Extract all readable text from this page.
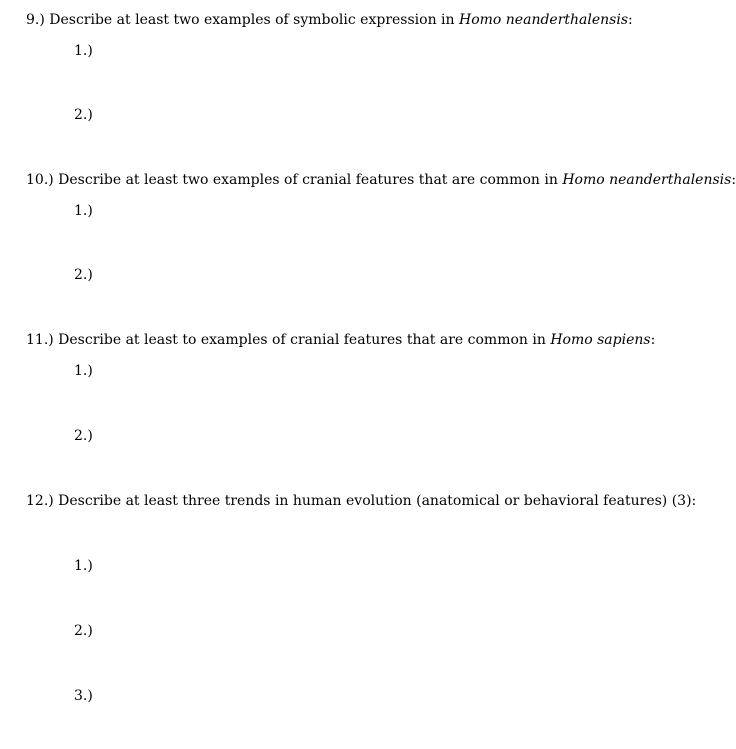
9.) Describe at least two examples of symbolic expression in Homo neanderthalensis:
1.)
2.)
10.) Describe at least two examples of cranial features that are common in Homo neanderthalensis:
1.)
2.)
11.) Describe at least to examples of cranial features that are common in Homo sapiens:
1.)
2.)
12.) Describe at least three trends in human evolution (anatomical or behavioral features) (3):
1.)
2.)
3.)
